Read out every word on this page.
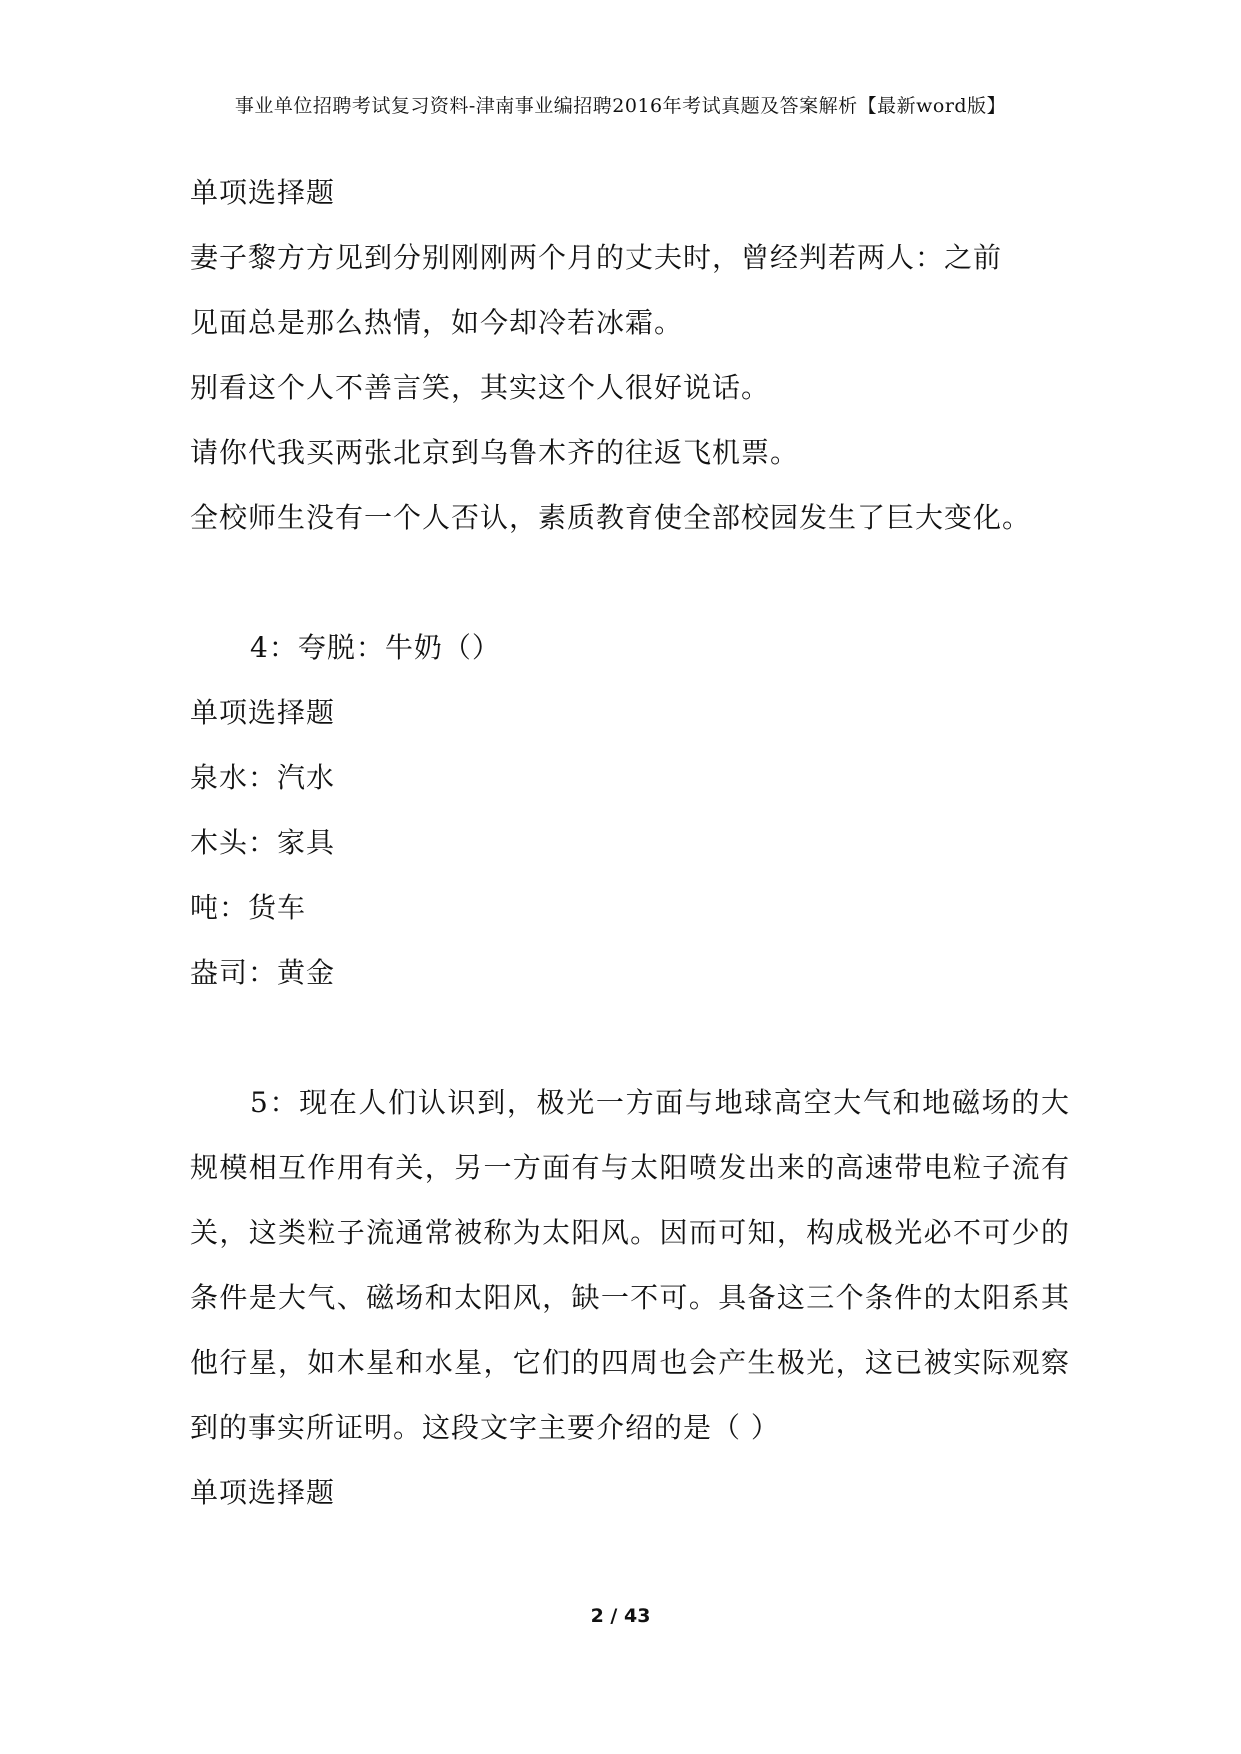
事业单位招聘考试复习资料-津南事业编招聘2016年考试真题及答案解析【最新word版】
单项选择题
妻子黎方方见到分别刚刚两个月的丈夫时，曾经判若两人：之前
见面总是那么热情，如今却冷若冰霜。
别看这个人不善言笑，其实这个人很好说话。
请你代我买两张北京到乌鲁木齐的往返飞机票。
全校师生没有一个人否认，素质教育使全部校园发生了巨大变化。
4：夸脱：牛奶（）
单项选择题
泉水：汽水
木头：家具
吨：货车
盎司：黄金
5：现在人们认识到，极光一方面与地球高空大气和地磁场的大规模相互作用有关，另一方面有与太阳喷发出来的高速带电粒子流有关，这类粒子流通常被称为太阳风。因而可知，构成极光必不可少的条件是大气、磁场和太阳风，缺一不可。具备这三个条件的太阳系其他行星，如木星和水星，它们的四周也会产生极光，这已被实际观察到的事实所证明。这段文字主要介绍的是（ ）
单项选择题
2 / 43
